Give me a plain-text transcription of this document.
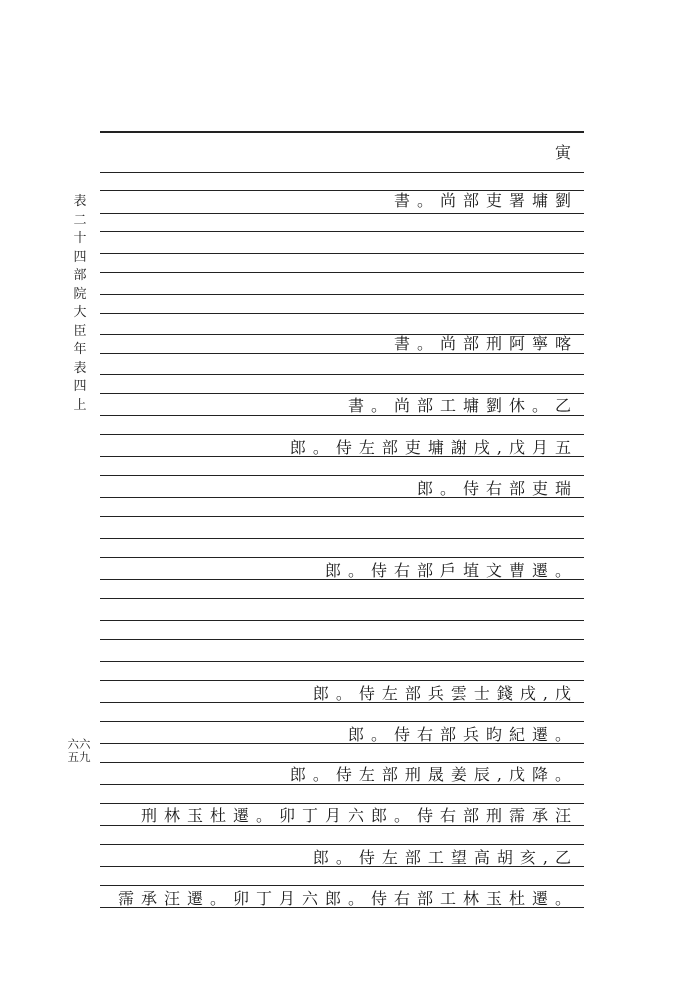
表二十四 部院大臣年表四上
六六五九
寅
書。尚部吏署墉劉
書。尚部刑阿寧喀
書。尚部工墉劉休。乙
郎。侍左部吏墉謝戌,戊月五
郎。侍右部吏瑞
郎。侍右部戶埴文曹遷。
郎。侍左部兵雲士錢戌,戊
郎。侍右部兵昀紀遷。
郎。侍左部刑晟姜辰,戊降。
刑林玉杜遷。卯丁月六郎。侍右部刑霈承汪
郎。侍左部工望高胡亥,乙
霈承汪遷。卯丁月六郎。侍右部工林玉杜遷。
